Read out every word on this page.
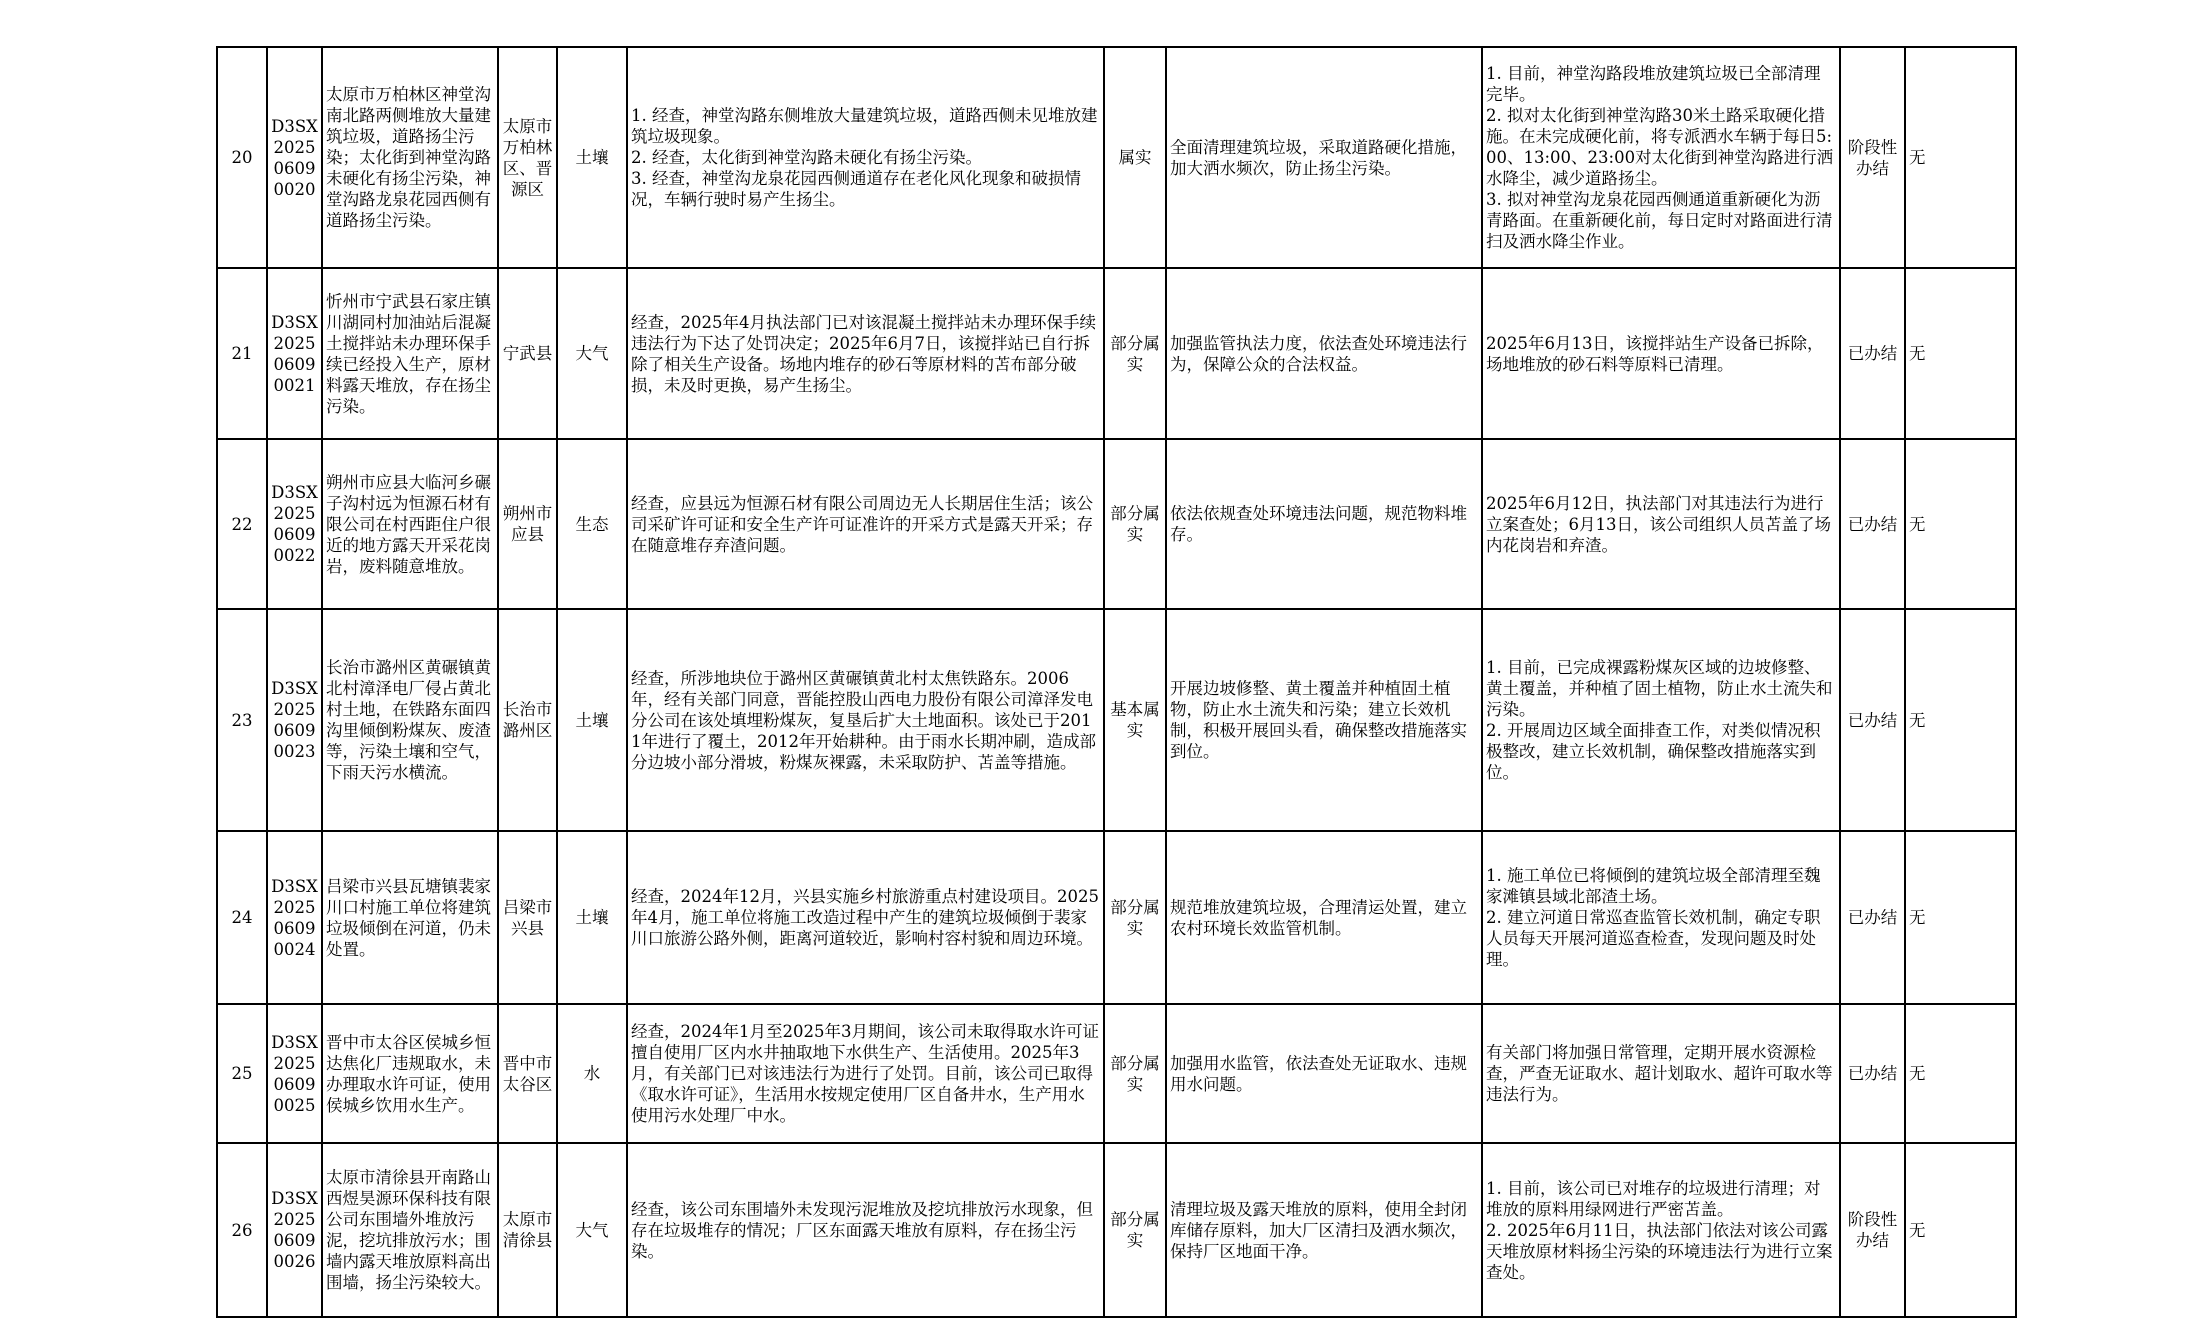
20	D3SX202506090020	太原市万柏林区神堂沟南北路两侧堆放大量建筑垃圾，道路扬尘污染；太化街到神堂沟路未硬化有扬尘污染，神堂沟路龙泉花园西侧有道路扬尘污染。	太原市万柏林区、晋源区	土壤	1. 经查，神堂沟路东侧堆放大量建筑垃圾，道路西侧未见堆放建筑垃圾现象。
2. 经查，太化街到神堂沟路未硬化有扬尘污染。
3. 经查，神堂沟龙泉花园西侧通道存在老化风化现象和破损情况，车辆行驶时易产生扬尘。	属实	全面清理建筑垃圾，采取道路硬化措施，加大洒水频次，防止扬尘污染。	1. 目前，神堂沟路段堆放建筑垃圾已全部清理完毕。
2. 拟对太化街到神堂沟路30米土路采取硬化措施。在未完成硬化前，将专派洒水车辆于每日5:00、13:00、23:00对太化街到神堂沟路进行洒水降尘，减少道路扬尘。
3. 拟对神堂沟龙泉花园西侧通道重新硬化为沥青路面。在重新硬化前，每日定时对路面进行清扫及洒水降尘作业。	阶段性办结	无
21	D3SX202506090021	忻州市宁武县石家庄镇川湖同村加油站后混凝土搅拌站未办理环保手续已经投入生产，原材料露天堆放，存在扬尘污染。	宁武县	大气	经查，2025年4月执法部门已对该混凝土搅拌站未办理环保手续违法行为下达了处罚决定；2025年6月7日，该搅拌站已自行拆除了相关生产设备。场地内堆存的砂石等原材料的苫布部分破损，未及时更换，易产生扬尘。	部分属实	加强监管执法力度，依法查处环境违法行为，保障公众的合法权益。	2025年6月13日，该搅拌站生产设备已拆除，场地堆放的砂石料等原料已清理。	已办结	无
22	D3SX202506090022	朔州市应县大临河乡碾子沟村远为恒源石材有限公司在村西距住户很近的地方露天开采花岗岩，废料随意堆放。	朔州市应县	生态	经查，应县远为恒源石材有限公司周边无人长期居住生活；该公司采矿许可证和安全生产许可证准许的开采方式是露天开采；存在随意堆存弃渣问题。	部分属实	依法依规查处环境违法问题，规范物料堆存。	2025年6月12日，执法部门对其违法行为进行立案查处；6月13日，该公司组织人员苫盖了场内花岗岩和弃渣。	已办结	无
23	D3SX202506090023	长治市潞州区黄碾镇黄北村漳泽电厂侵占黄北村土地，在铁路东面四沟里倾倒粉煤灰、废渣等，污染土壤和空气，下雨天污水横流。	长治市潞州区	土壤	经查，所涉地块位于潞州区黄碾镇黄北村太焦铁路东。2006年，经有关部门同意，晋能控股山西电力股份有限公司漳泽发电分公司在该处填埋粉煤灰，复垦后扩大土地面积。该处已于2011年进行了覆土，2012年开始耕种。由于雨水长期冲刷，造成部分边坡小部分滑坡，粉煤灰裸露，未采取防护、苫盖等措施。	基本属实	开展边坡修整、黄土覆盖并种植固土植物，防止水土流失和污染；建立长效机制，积极开展回头看，确保整改措施落实到位。	1. 目前，已完成裸露粉煤灰区域的边坡修整、黄土覆盖，并种植了固土植物，防止水土流失和污染。
2. 开展周边区域全面排查工作，对类似情况积极整改，建立长效机制，确保整改措施落实到位。	已办结	无
24	D3SX202506090024	吕梁市兴县瓦塘镇裴家川口村施工单位将建筑垃圾倾倒在河道，仍未处置。	吕梁市兴县	土壤	经查，2024年12月，兴县实施乡村旅游重点村建设项目。2025年4月，施工单位将施工改造过程中产生的建筑垃圾倾倒于裴家川口旅游公路外侧，距离河道较近，影响村容村貌和周边环境。	部分属实	规范堆放建筑垃圾，合理清运处置，建立农村环境长效监管机制。	1. 施工单位已将倾倒的建筑垃圾全部清理至魏家滩镇县域北部渣土场。
2. 建立河道日常巡查监管长效机制，确定专职人员每天开展河道巡查检查，发现问题及时处理。	已办结	无
25	D3SX202506090025	晋中市太谷区侯城乡恒达焦化厂违规取水，未办理取水许可证，使用侯城乡饮用水生产。	晋中市太谷区	水	经查，2024年1月至2025年3月期间，该公司未取得取水许可证擅自使用厂区内水井抽取地下水供生产、生活使用。2025年3月，有关部门已对该违法行为进行了处罚。目前，该公司已取得《取水许可证》，生活用水按规定使用厂区自备井水，生产用水使用污水处理厂中水。	部分属实	加强用水监管，依法查处无证取水、违规用水问题。	有关部门将加强日常管理，定期开展水资源检查，严查无证取水、超计划取水、超许可取水等违法行为。	已办结	无
26	D3SX202506090026	太原市清徐县开南路山西煜昊源环保科技有限公司东围墙外堆放污泥，挖坑排放污水；围墙内露天堆放原料高出围墙，扬尘污染较大。	太原市清徐县	大气	经查，该公司东围墙外未发现污泥堆放及挖坑排放污水现象，但存在垃圾堆存的情况；厂区东面露天堆放有原料，存在扬尘污染。	部分属实	清理垃圾及露天堆放的原料，使用全封闭库储存原料，加大厂区清扫及洒水频次，保持厂区地面干净。	1. 目前，该公司已对堆存的垃圾进行清理；对堆放的原料用绿网进行严密苫盖。
2. 2025年6月11日，执法部门依法对该公司露天堆放原材料扬尘污染的环境违法行为进行立案查处。	阶段性办结	无
